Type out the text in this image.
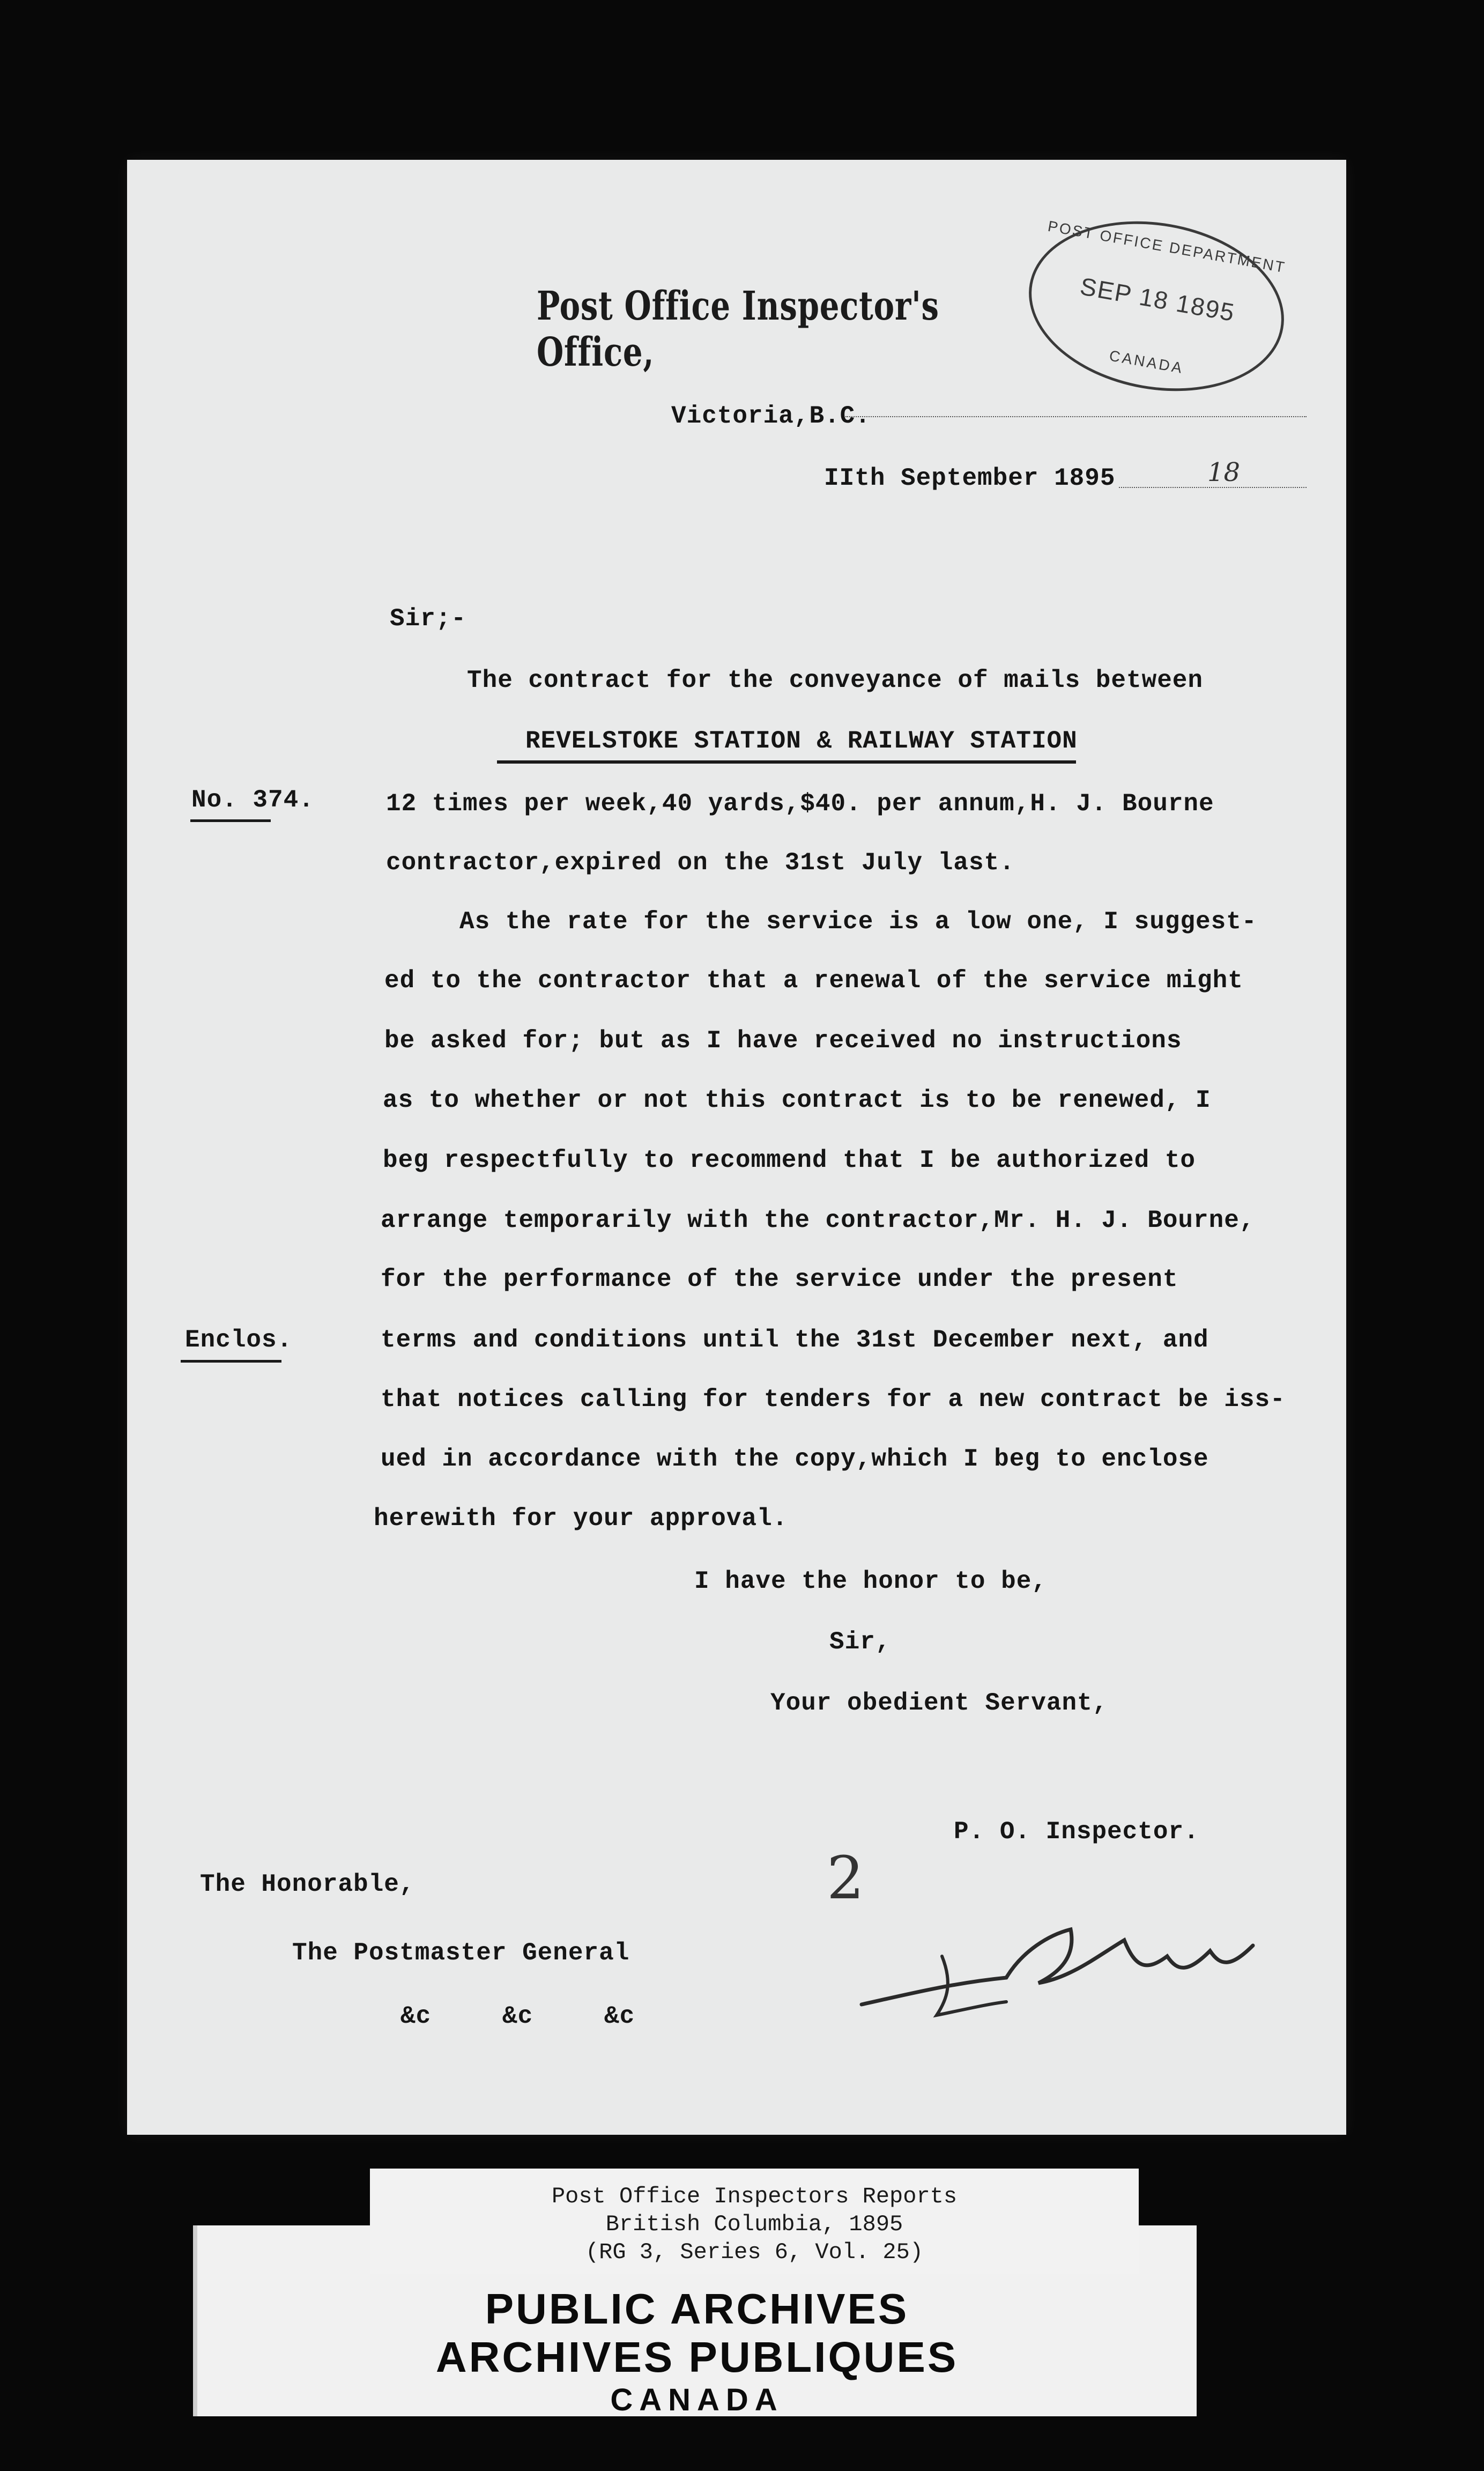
Post Office Inspector's Office,
POST OFFICE DEPARTMENT
SEP 18 1895
CANADA
Victoria,B.C.
IIth September 1895	18
Sir;-
The contract for the conveyance of mails between
REVELSTOKE STATION & RAILWAY STATION
No. 374.	12 times per week,40 yards,$40. per annum,H. J. Bourne
contractor,expired on the 31st July last.
As the rate for the service is a low one, I suggest-
ed to the contractor that a renewal of the service might
be asked for; but as I have received no instructions
as to whether or not this contract is to be renewed, I
beg respectfully to recommend that I be authorized to
arrange temporarily with the contractor,Mr. H. J. Bourne,
for the performance of the service under the present
Enclos.	terms and conditions until the 31st December next, and
that notices calling for tenders for a new contract be iss-
ued in accordance with the copy,which I beg to enclose
herewith for your approval.
I have the honor to be,
Sir,
Your obedient Servant,
P. O. Inspector.
2
The Honorable,
The Postmaster General
&c	&c	&c
PUBLIC ARCHIVES
ARCHIVES PUBLIQUES
CANADA
Post Office Inspectors Reports
British Columbia, 1895
(RG 3, Series 6, Vol. 25)
